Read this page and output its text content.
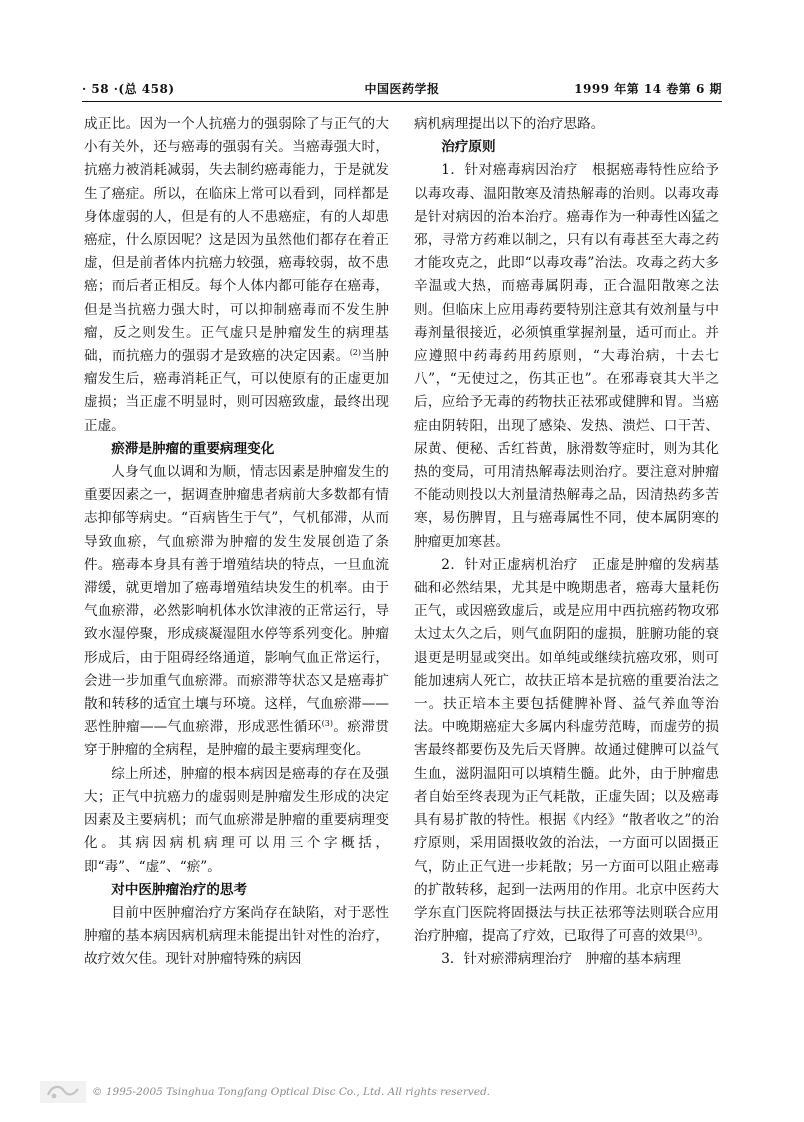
· 58 ·(总 458)	中国医药学报	1999 年第 14 卷第 6 期

成正比。因为一个人抗癌力的强弱除了与正气的大小有关外，还与癌毒的强弱有关。当癌毒强大时，抗癌力被消耗减弱，失去制约癌毒能力，于是就发生了癌症。所以，在临床上常可以看到，同样都是身体虚弱的人，但是有的人不患癌症，有的人却患癌症，什么原因呢？这是因为虽然他们都存在着正虚，但是前者体内抗癌力较强，癌毒较弱，故不患癌；而后者正相反。每个人体内都可能存在癌毒，但是当抗癌力强大时，可以抑制癌毒而不发生肿瘤，反之则发生。正气虚只是肿瘤发生的病理基础，而抗癌力的强弱才是致癌的决定因素。$^{(2)}$当肿瘤发生后，癌毒消耗正气，可以使原有的正虚更加虚损；当正虚不明显时，则可因癌致虚，最终出现正虚。

瘀滞是肿瘤的重要病理变化

人身气血以调和为顺，情志因素是肿瘤发生的重要因素之一，据调查肿瘤患者病前大多数都有情志抑郁等病史。“百病皆生于气”，气机郁滞，从而导致血瘀，气血瘀滞为肿瘤的发生发展创造了条件。癌毒本身具有善于增殖结块的特点，一旦血流滞缓，就更增加了癌毒增殖结块发生的机率。由于气血瘀滞，必然影响机体水饮津液的正常运行，导致水湿停聚，形成痰凝湿阻水停等系列变化。肿瘤形成后，由于阻碍经络通道，影响气血正常运行，会进一步加重气血瘀滞。而瘀滞等状态又是癌毒扩散和转移的适宜土壤与环境。这样，气血瘀滞——恶性肿瘤——气血瘀滞，形成恶性循环$^{(3)}$。瘀滞贯穿于肿瘤的全病程，是肿瘤的最主要病理变化。

综上所述，肿瘤的根本病因是癌毒的存在及强大；正气中抗癌力的虚弱则是肿瘤发生形成的决定因素及主要病机；而气血瘀滞是肿瘤的重要病理变化。其病因病机病理可以用三个字概括，即“毒”、“虚”、“瘀”。

对中医肿瘤治疗的思考

目前中医肿瘤治疗方案尚存在缺陷，对于恶性肿瘤的基本病因病机病理未能提出针对性的治疗，故疗效欠佳。现针对肿瘤特殊的病因

病机病理提出以下的治疗思路。

治疗原则

1．针对癌毒病因治疗　根据癌毒特性应给予以毒攻毒、温阳散寒及清热解毒的治则。以毒攻毒是针对病因的治本治疗。癌毒作为一种毒性凶猛之邪，寻常方药难以制之，只有以有毒甚至大毒之药才能攻克之，此即“以毒攻毒”治法。攻毒之药大多辛温或大热，而癌毒属阴毒，正合温阳散寒之法则。但临床上应用毒药要特别注意其有效剂量与中毒剂量很接近，必须慎重掌握剂量，适可而止。并应遵照中药毒药用药原则，“大毒治病，十去七八”，“无使过之，伤其正也”。在邪毒衰其大半之后，应给予无毒的药物扶正祛邪或健脾和胃。当癌症由阴转阳，出现了感染、发热、溃烂、口干苦、尿黄、便秘、舌红苔黄，脉滑数等症时，则为其化热的变局，可用清热解毒法则治疗。要注意对肿瘤不能动则投以大剂量清热解毒之品，因清热药多苦寒，易伤脾胃，且与癌毒属性不同，使本属阴寒的肿瘤更加寒甚。

2．针对正虚病机治疗　正虚是肿瘤的发病基础和必然结果，尤其是中晚期患者，癌毒大量耗伤正气，或因癌致虚后，或是应用中西抗癌药物攻邪太过太久之后，则气血阴阳的虚损，脏腑功能的衰退更是明显或突出。如单纯或继续抗癌攻邪，则可能加速病人死亡，故扶正培本是抗癌的重要治法之一。扶正培本主要包括健脾补肾、益气养血等治法。中晚期癌症大多属内科虚劳范畴，而虚劳的损害最终都要伤及先后天肾脾。故通过健脾可以益气生血，滋阴温阳可以填精生髓。此外，由于肿瘤患者自始至终表现为正气耗散，正虚失固；以及癌毒具有易扩散的特性。根据《内经》“散者收之”的治疗原则，采用固摄收敛的治法，一方面可以固摄正气，防止正气进一步耗散；另一方面可以阻止癌毒的扩散转移，起到一法两用的作用。北京中医药大学东直门医院将固摄法与扶正祛邪等法则联合应用治疗肿瘤，提高了疗效，已取得了可喜的效果$^{(3)}$。

3．针对瘀滞病理治疗　肿瘤的基本病理

© 1995-2005 Tsinghua Tongfang Optical Disc Co., Ltd. All rights reserved.
